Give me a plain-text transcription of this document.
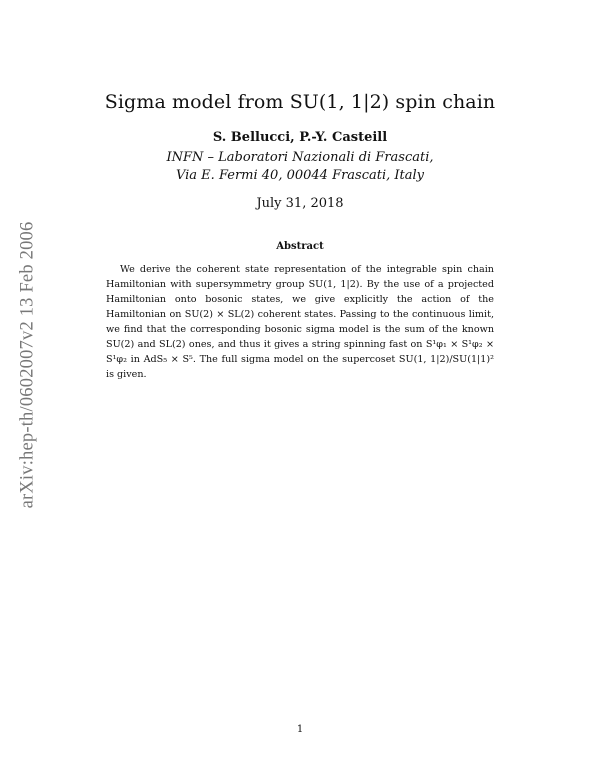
arXiv:hep-th/0602007v2 13 Feb 2006
Sigma model from SU(1, 1|2) spin chain
S. Bellucci, P.-Y. Casteill
INFN – Laboratori Nazionali di Frascati,
Via E. Fermi 40, 00044 Frascati, Italy
July 31, 2018
Abstract
We derive the coherent state representation of the integrable spin chain Hamiltonian with supersymmetry group SU(1, 1|2). By the use of a projected Hamiltonian onto bosonic states, we give explicitly the action of the Hamiltonian on SU(2) × SL(2) coherent states. Passing to the continuous limit, we find that the corresponding bosonic sigma model is the sum of the known SU(2) and SL(2) ones, and thus it gives a string spinning fast on S¹φ₁ × S¹φ₂ × S¹φ₂ in AdS₅ × S⁵. The full sigma model on the supercoset SU(1, 1|2)/SU(1|1)² is given.
1
